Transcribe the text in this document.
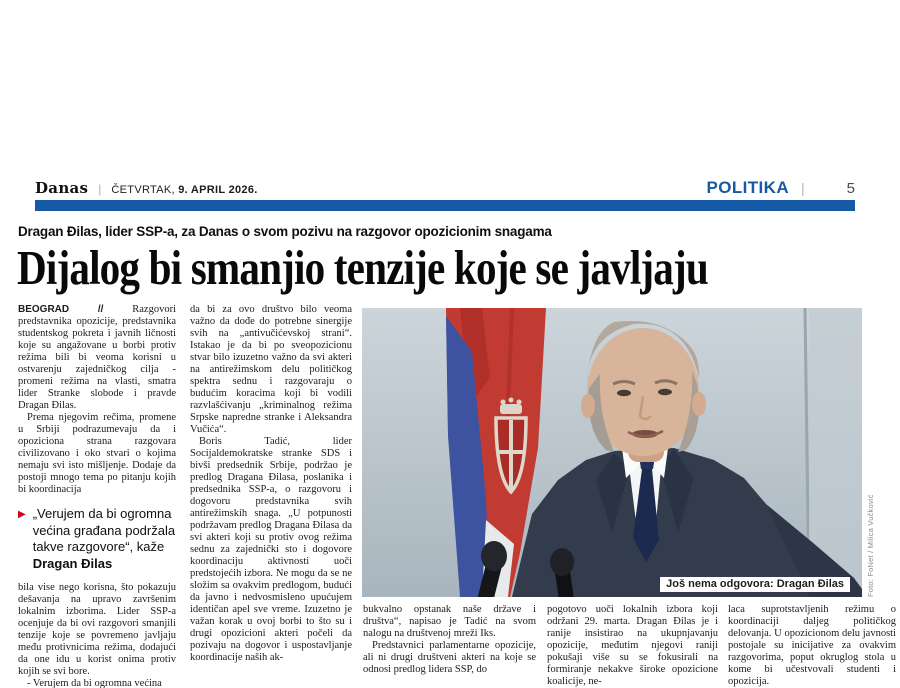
Danas | ČETVRTAK, 9. APRIL 2026.	POLITIKA |	5
Dragan Đilas, lider SSP-a, za Danas o svom pozivu na razgovor opozicionim snagama
Dijalog bi smanjio tenzije koje se javljaju

BEOGRAD // Razgovori predstavnika opozicije, predstavnika studentskog pokreta i javnih ličnosti koje su angažovane u borbi protiv režima bili bi veoma korisni u ostvarenju zajedničkog cilja - promeni režima na vlasti, smatra lider Stranke slobode i pravde Dragan Đilas.

Prema njegovim rečima, promene u Srbiji podrazumevaju da i opoziciona strana razgovara civilizovano i oko stvari o kojima nemaju svi isto mišljenje. Dodaje da postoji mnogo tema po pitanju kojih bi koordinacija

▶ „Verujem da bi ogromna većina građana podržala takve razgovore“, kaže
Dragan Đilas

bila vise nego korisna, što pokazuju dešavanja na upravo završenim lokalnim izborima. Lider SSP-a ocenjuje da bi ovi razgovori smanjili tenzije koje se povremeno javljaju među protivnicima režima, dodajući da one idu u korist onima protiv kojih se svi bore.

- Verujem da bi ogromna većina

da bi za ovo društvo bilo veoma važno da dođe do potrebne sinergije svih na „antivučićevskoj strani“. Istakao je da bi po sveopozicionu stvar bilo izuzetno važno da svi akteri na antirežimskom delu političkog spektra sednu i razgovaraju o budućim koracima koji bi vodili razvlašćivanju „kriminalnog režima Srpske napredne stranke i Aleksandra Vučića“.

Boris Tadić, lider Socijaldemokratske stranke SDS i bivši predsednik Srbije, podržao je predlog Dragana Đilasa, poslanika i predsednika SSP-a, o razgovoru i dogovoru predstavnika svih antirežimskih snaga. „U potpunosti podržavam predlog Dragana Đilasa da svi akteri koji su protiv ovog režima sednu za zajednički sto i dogovore koordinaciju aktivnosti uoči predstojećih izbora. Ne mogu da se ne složim sa ovakvim predlogom, budući da javno i nedvosmisleno upućujem identičan apel sve vreme. Izuzetno je važan korak u ovoj borbi to što su i drugi opozicioni akteri počeli da pozivaju na dogovor i uspostavljanje koordinacije naših ak-

Još nema odgovora: Dragan Đilas	Foto: FoNet / Milica Vučković

bukvalno opstanak naše države i društva“, napisao je Tadić na svom nalogu na društvenoj mreži Iks.

Predstavnici parlamentarne opozicije, ali ni drugi društveni akteri na koje se odnosi predlog lidera SSP, do

pogotovo uoči lokalnih izbora koji održani 29. marta. Dragan Đilas je i ranije insistirao na ukupnjavanju opozicije, međutim njegovi raniji pokušaji više su se fokusirali na formiranje nekakve široke opozicione koalicije, ne-

laca suprotstavljenih režimu o koordinaciji daljeg političkog delovanja. U opozicionom delu javnosti postojale su inicijative za ovakvim razgovorima, poput okruglog stola u kome bi učestvovali studenti i opozicija.
